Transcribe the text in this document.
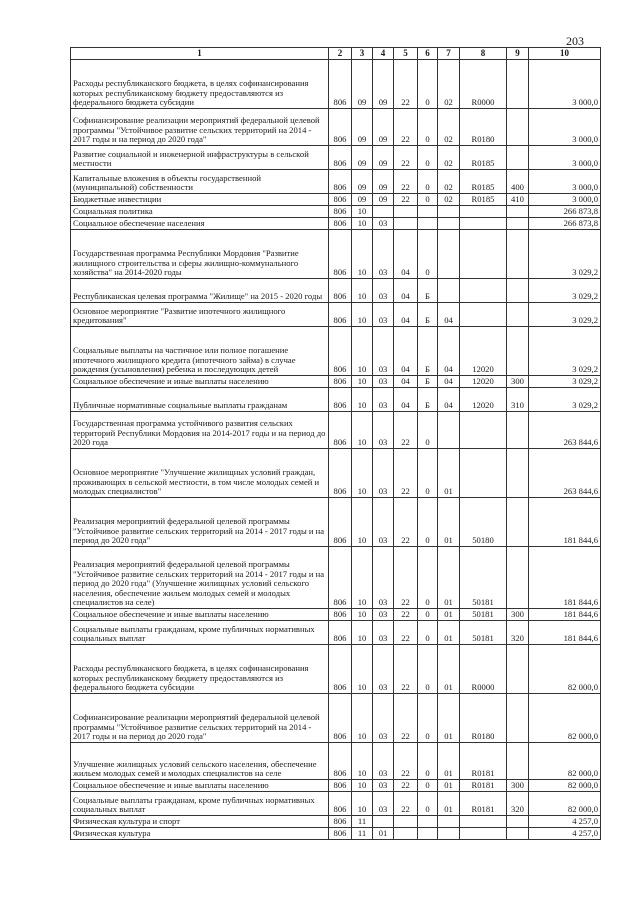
203
1	2	3	4	5	6	7	8	9	10
Расходы республиканского бюджета, в целях софинансирования которых республиканскому бюджету предоставляются из федерального бюджета субсидии	806	09	09	22	0	02	R0000		3 000,0
Софинансирование реализации мероприятий федеральной целевой программы "Устойчивое развитие сельских территорий на 2014 - 2017 годы и на период до 2020 года"	806	09	09	22	0	02	R0180		3 000,0
Развитие социальной и инженерной инфраструктуры в сельской местности	806	09	09	22	0	02	R0185		3 000,0
Капитальные вложения в объекты государственной (муниципальной) собственности	806	09	09	22	0	02	R0185	400	3 000,0
Бюджетные инвестиции	806	09	09	22	0	02	R0185	410	3 000,0
Социальная политика	806	10							266 873,8
Социальное обеспечение населения	806	10	03						266 873,8
Государственная программа Республики Мордовия "Развитие жилищного строительства и сферы жилищно-коммунального хозяйства" на 2014-2020 годы	806	10	03	04	0				3 029,2
Республиканская целевая программа "Жилище" на 2015 - 2020 годы	806	10	03	04	Б				3 029,2
Основное мероприятие "Развитие ипотечного жилищного кредитования"	806	10	03	04	Б	04			3 029,2
Социальные выплаты на частичное или полное погашение ипотечного жилищного кредита (ипотечного займа) в случае рождения (усыновления) ребенка и последующих детей	806	10	03	04	Б	04	12020		3 029,2
Социальное обеспечение и иные выплаты населению	806	10	03	04	Б	04	12020	300	3 029,2
Публичные нормативные социальные выплаты гражданам	806	10	03	04	Б	04	12020	310	3 029,2
Государственная программа устойчивого развития сельских территорий Республики Мордовия на 2014-2017 годы и на период до 2020 года	806	10	03	22	0				263 844,6
Основное мероприятие "Улучшение жилищных условий граждан, проживающих в сельской местности, в том числе молодых семей и молодых специалистов"	806	10	03	22	0	01			263 844,6
Реализация мероприятий федеральной целевой программы "Устойчивое развитие сельских территорий на 2014 - 2017 годы и на период до 2020 года"	806	10	03	22	0	01	50180		181 844,6
Реализация мероприятий федеральной целевой программы "Устойчивое развитие сельских территорий на 2014 - 2017 годы и на период до 2020 года" (Улучшение жилищных условий сельского населения, обеспечение жильем молодых семей и молодых специалистов на селе)	806	10	03	22	0	01	50181		181 844,6
Социальное обеспечение и иные выплаты населению	806	10	03	22	0	01	50181	300	181 844,6
Социальные выплаты гражданам, кроме публичных нормативных социальных выплат	806	10	03	22	0	01	50181	320	181 844,6
Расходы республиканского бюджета, в целях софинансирования которых республиканскому бюджету предоставляются из федерального бюджета субсидии	806	10	03	22	0	01	R0000		82 000,0
Софинансирование реализации мероприятий федеральной целевой программы "Устойчивое развитие сельских территорий на 2014 - 2017 годы и на период до 2020 года"	806	10	03	22	0	01	R0180		82 000,0
Улучшение жилищных условий сельского населения, обеспечение жильем молодых семей и молодых специалистов на селе	806	10	03	22	0	01	R0181		82 000,0
Социальное обеспечение и иные выплаты населению	806	10	03	22	0	01	R0181	300	82 000,0
Социальные выплаты гражданам, кроме публичных нормативных социальных выплат	806	10	03	22	0	01	R0181	320	82 000,0
Физическая культура и спорт	806	11							4 257,0
Физическая культура	806	11	01						4 257,0
